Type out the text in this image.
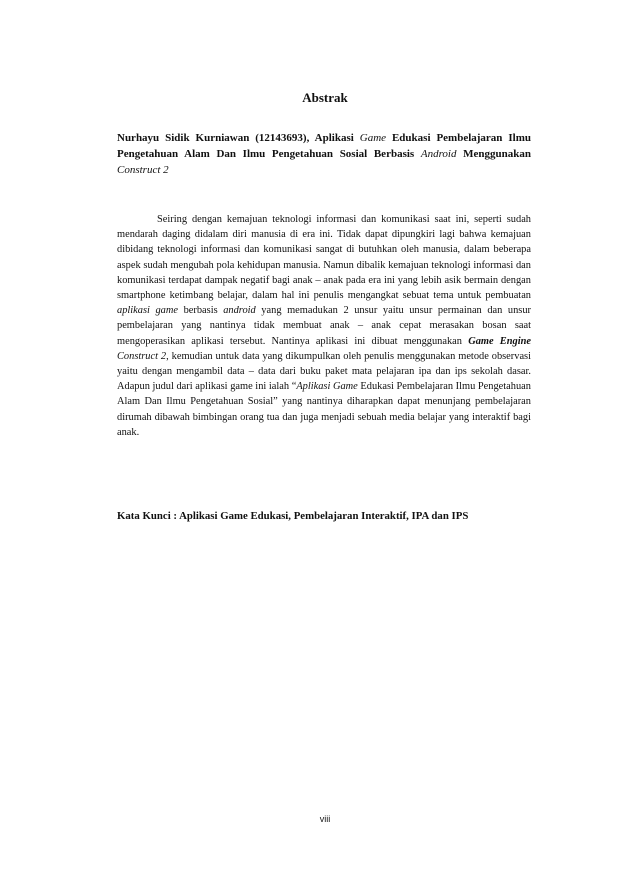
Abstrak

Nurhayu Sidik Kurniawan (12143693), Aplikasi Game Edukasi Pembelajaran Ilmu Pengetahuan Alam Dan Ilmu Pengetahuan Sosial Berbasis Android Menggunakan Construct 2

Seiring dengan kemajuan teknologi informasi dan komunikasi saat ini, seperti sudah mendarah daging didalam diri manusia di era ini. Tidak dapat dipungkiri lagi bahwa kemajuan dibidang teknologi informasi dan komunikasi sangat di butuhkan oleh manusia, dalam beberapa aspek sudah mengubah pola kehidupan manusia. Namun dibalik kemajuan teknologi informasi dan komunikasi terdapat dampak negatif bagi anak – anak pada era ini yang lebih asik bermain dengan smartphone ketimbang belajar, dalam hal ini penulis mengangkat sebuat tema untuk pembuatan aplikasi game berbasis android yang memadukan 2 unsur yaitu unsur permainan dan unsur pembelajaran yang nantinya tidak membuat anak – anak cepat merasakan bosan saat mengoperasikan aplikasi tersebut. Nantinya aplikasi ini dibuat menggunakan Game Engine Construct 2, kemudian untuk data yang dikumpulkan oleh penulis menggunakan metode observasi yaitu dengan mengambil data – data dari buku paket mata pelajaran ipa dan ips sekolah dasar. Adapun judul dari aplikasi game ini ialah “Aplikasi Game Edukasi Pembelajaran Ilmu Pengetahuan Alam Dan Ilmu Pengetahuan Sosial” yang nantinya diharapkan dapat menunjang pembelajaran dirumah dibawah bimbingan orang tua dan juga menjadi sebuah media belajar yang interaktif bagi anak.

Kata Kunci : Aplikasi Game Edukasi, Pembelajaran Interaktif, IPA dan IPS

viii
